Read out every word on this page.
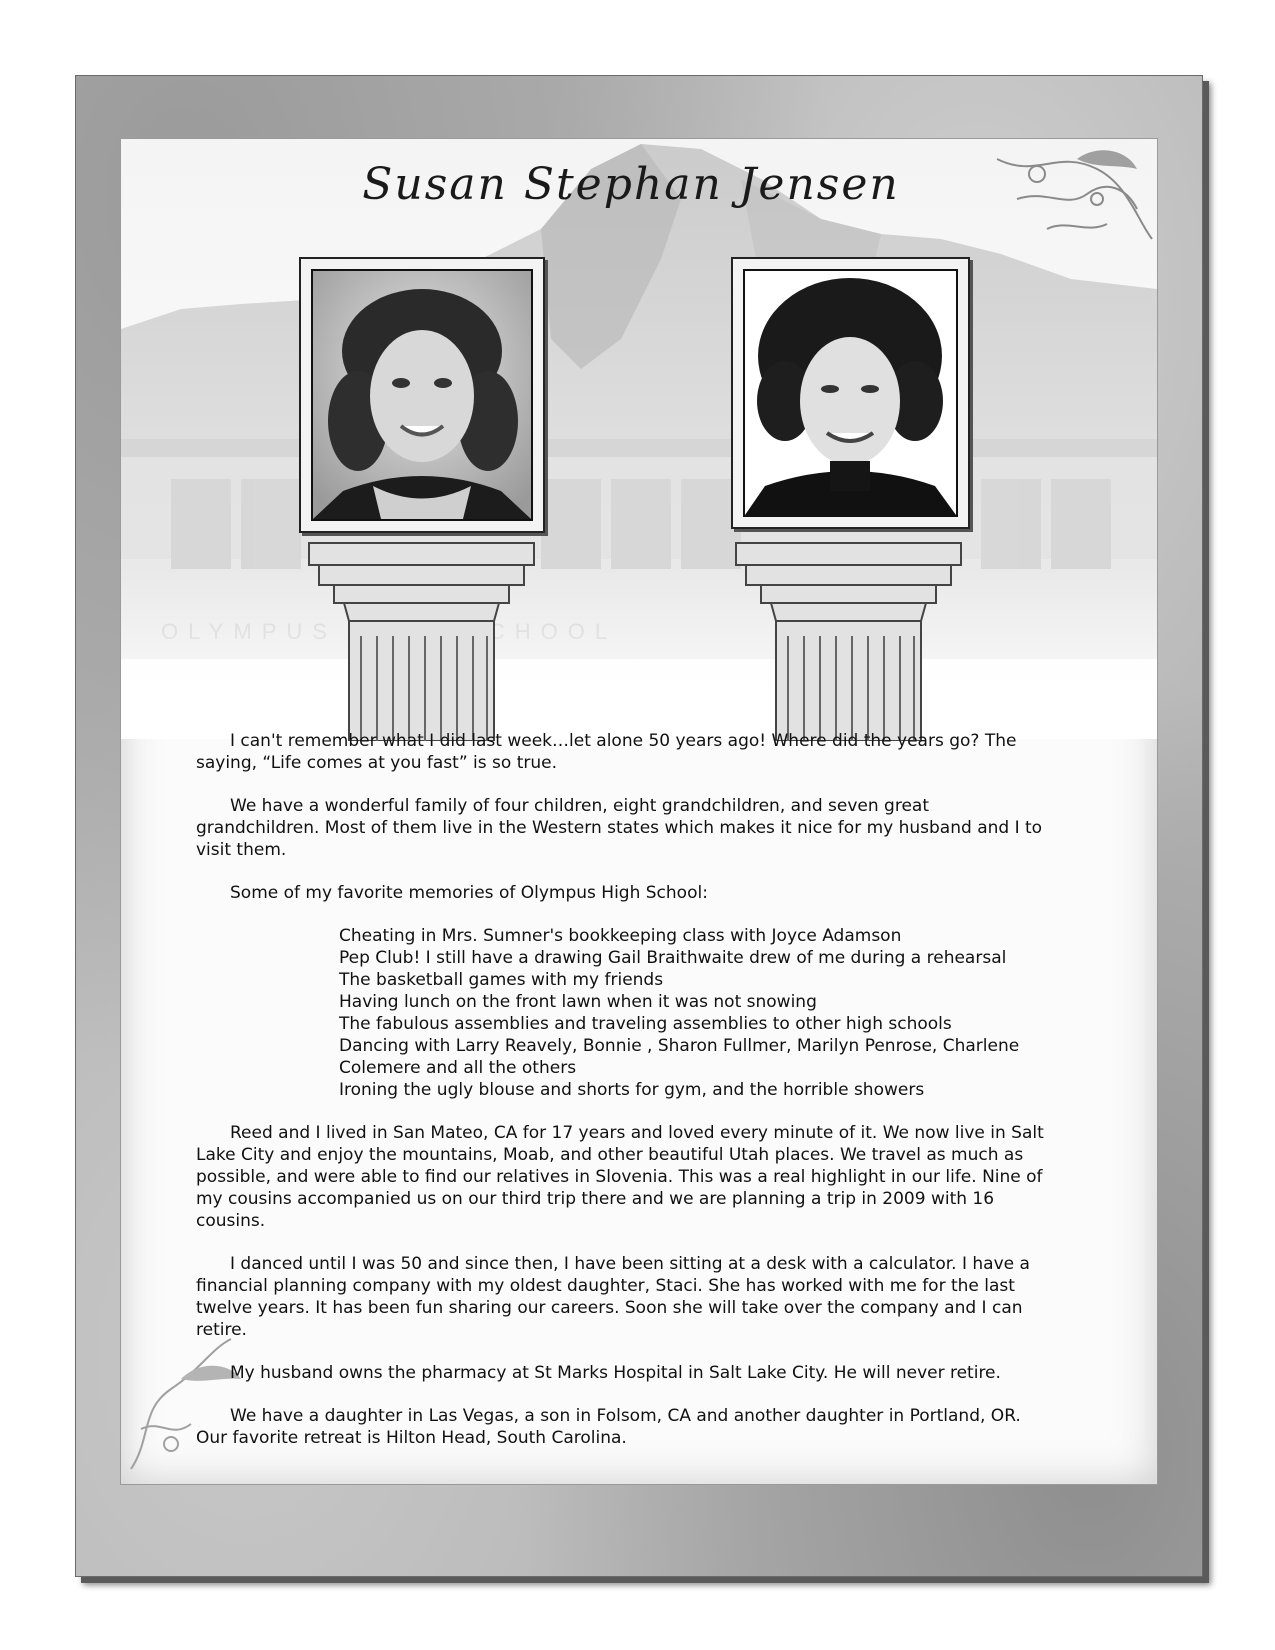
Susan Stephan Jensen

I can't remember what I did last week…let alone 50 years ago! Where did the years go? The saying, “Life comes at you fast” is so true.

We have a wonderful family of four children, eight grandchildren, and seven great grandchildren. Most of them live in the Western states which makes it nice for my husband and I to visit them.

Some of my favorite memories of Olympus High School:

Cheating in Mrs. Sumner's bookkeeping class with Joyce Adamson
Pep Club! I still have a drawing Gail Braithwaite drew of me during a rehearsal
The basketball games with my friends
Having lunch on the front lawn when it was not snowing
The fabulous assemblies and traveling assemblies to other high schools
Dancing with Larry Reavely, Bonnie , Sharon Fullmer, Marilyn Penrose, Charlene Colemere and all the others
Ironing the ugly blouse and shorts for gym, and the horrible showers

Reed and I lived in San Mateo, CA for 17 years and loved every minute of it. We now live in Salt Lake City and enjoy the mountains, Moab, and other beautiful Utah places. We travel as much as possible, and were able to find our relatives in Slovenia. This was a real highlight in our life. Nine of my cousins accompanied us on our third trip there and we are planning a trip in 2009 with 16 cousins.

I danced until I was 50 and since then, I have been sitting at a desk with a calculator. I have a financial planning company with my oldest daughter, Staci. She has worked with me for the last twelve years. It has been fun sharing our careers. Soon she will take over the company and I can retire.

My husband owns the pharmacy at St Marks Hospital in Salt Lake City. He will never retire.

We have a daughter in Las Vegas, a son in Folsom, CA and another daughter in Portland, OR. Our favorite retreat is Hilton Head, South Carolina.
